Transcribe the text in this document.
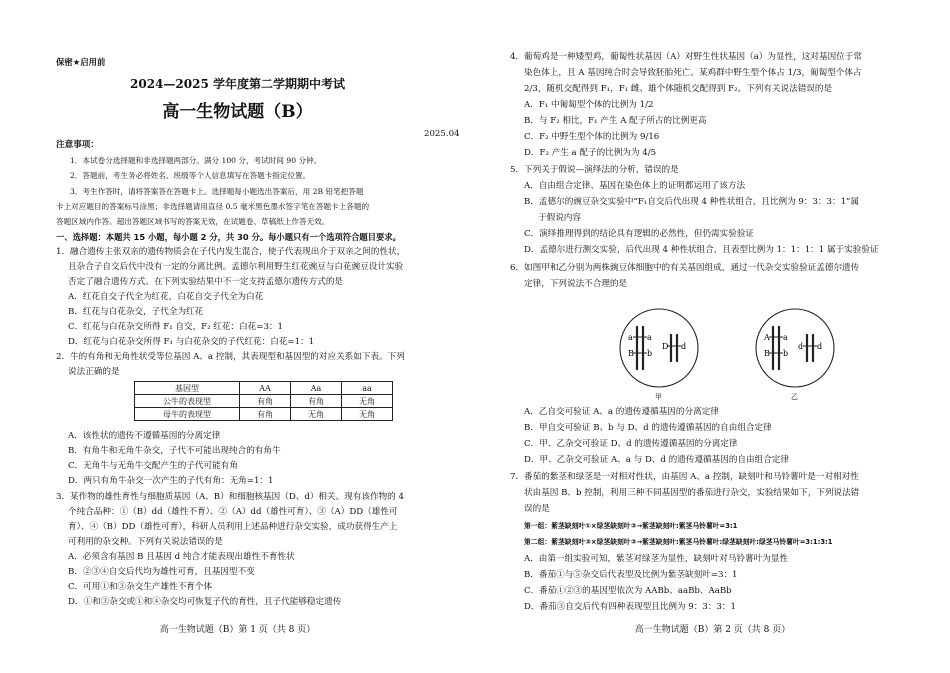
保密★启用前
2024—2025 学年度第二学期期中考试
高一生物试题（B）
2025.04
注意事项：
1．本试卷分选择题和非选择题两部分。满分 100 分，考试时间 90 分钟。
2．答题前，考生务必将姓名、班级等个人信息填写在答题卡指定位置。
3．考生作答时，请将答案答在答题卡上。选择题每小题选出答案后，用 2B 铅笔把答题
卡上对应题目的答案标号涂黑；非选择题请用直径 0.5 毫米黑色墨水签字笔在答题卡上各题的
答题区域内作答。超出答题区域书写的答案无效，在试题卷、草稿纸上作答无效。
一、选择题：本题共 15 小题，每小题 2 分，共 30 分。每小题只有一个选项符合题目要求。
1．融合遗传主张双亲的遗传物质会在子代内发生混合，使子代表现出介于双亲之间的性状，
且杂合子自交后代中没有一定的分离比例。孟德尔利用野生红花豌豆与白花豌豆设计实验
否定了融合遗传方式。在下列实验结果中不一定支持孟德尔遗传方式的是
A．红花自交子代全为红花，白花自交子代全为白花
B．红花与白花杂交，子代全为红花
C．红花与白花杂交所得 F₁ 自交，F₂ 红花：白花=3：1
D．红花与白花杂交所得 F₁ 与白花杂交的子代红花：白花=1：1
2．牛的有角和无角性状受等位基因 A、a 控制，其表现型和基因型的对应关系如下表。下列
说法正确的是
基因型	AA	Aa	aa
公牛的表现型	有角	有角	无角
母牛的表现型	有角	无角	无角
A．该性状的遗传不遵循基因的分离定律
B．有角牛和无角牛杂交，子代不可能出现纯合的有角牛
C．无角牛与无角牛交配产生的子代可能有角
D．两只有角牛杂交一次产生的子代有角：无角=1：1
3．某作物的雄性育性与细胞质基因（A、B）和细胞核基因（D、d）相关。现有该作物的 4
个纯合品种：①（B）dd（雄性不育）、②（A）dd（雄性可育）、③（A）DD（雄性可
育）、④（B）DD（雄性可育），科研人员利用上述品种进行杂交实验，成功获得生产上
可利用的杂交种。下列有关说法错误的是
A．必须含有基因 B 且基因 d 纯合才能表现出雄性不育性状
B．②③④自交后代均为雄性可育，且基因型不变
C．可用①和③杂交生产雄性不育个体
D．①和③杂交或①和④杂交均可恢复子代的育性，且子代能够稳定遗传
高一生物试题（B）第 1 页（共 8 页）
4．葡萄鸡是一种矮型鸡，葡匐性状基因（A）对野生性状基因（a）为显性，这对基因位于常
染色体上，且 A 基因纯合时会导致胚胎死亡。某鸡群中野生型个体占 1/3，匍匐型个体占
2/3，随机交配得到 F₁，F₁ 雌、雄个体随机交配得到 F₂。下列有关说法错误的是
A．F₁ 中匍匐型个体的比例为 1/2
B．与 F₂ 相比，F₁ 产生 A 配子所占的比例更高
C．F₂ 中野生型个体的比例为 9/16
D．F₂ 产生 a 配子的比例为为 4/5
5．下列关于假说—演绎法的分析，错误的是
A．自由组合定律、基因在染色体上的证明都运用了该方法
B．孟德尔的豌豆杂交实验中“F₁自交后代出现 4 种性状组合，且比例为 9：3：3：1”属
于假说内容
C．演绎推理得到的结论具有逻辑的必然性，但仍需实验验证
D．孟德尔进行测交实验，后代出现 4 种性状组合，且表型比例为 1：1：1：1 属于实验验证
6．如图甲和乙分别为两株豌豆体细胞中的有关基因组成，通过一代杂交实验验证孟德尔遗传
定律，下列说法不合理的是
a a
B b
D d
甲
A a
B b
d d
乙
A．乙自交可验证 A、a 的遗传遵循基因的分离定律
B．甲自交可验证 B、b 与 D、d 的遗传遵循基因的自由组合定律
C．甲、乙杂交可验证 D、d 的遗传遵循基因的分离定律
D．甲、乙杂交可验证 A、a 与 D、d 的遗传遵循基因的自由组合定律
7．番茄的紫茎和绿茎是一对相对性状，由基因 A、a 控制，缺刻叶和马铃薯叶是一对相对性
状由基因 B、b 控制，利用三种不同基因型的番茄进行杂交，实验结果如下，下列说法错
误的是
第一组：紫茎缺刻叶①×绿茎缺刻叶②→紫茎缺刻叶:紫茎马铃薯叶=3:1
第二组：紫茎缺刻叶③×绿茎缺刻叶②→紫茎缺刻叶:紫茎马铃薯叶:绿茎缺刻叶:绿茎马铃薯叶=3:1:3:1
A．由第一组实验可知，紫茎对绿茎为显性，缺刻叶对马铃薯叶为显性
B．番茄①与⑤杂交后代表型及比例为紫茎缺刻叶=3：1
C．番茄①②③的基因型依次为 AABb、aaBb、AaBb
D．番茄③自交后代有四种表现型且比例为 9：3：3：1
高一生物试题（B）第 2 页（共 8 页）
